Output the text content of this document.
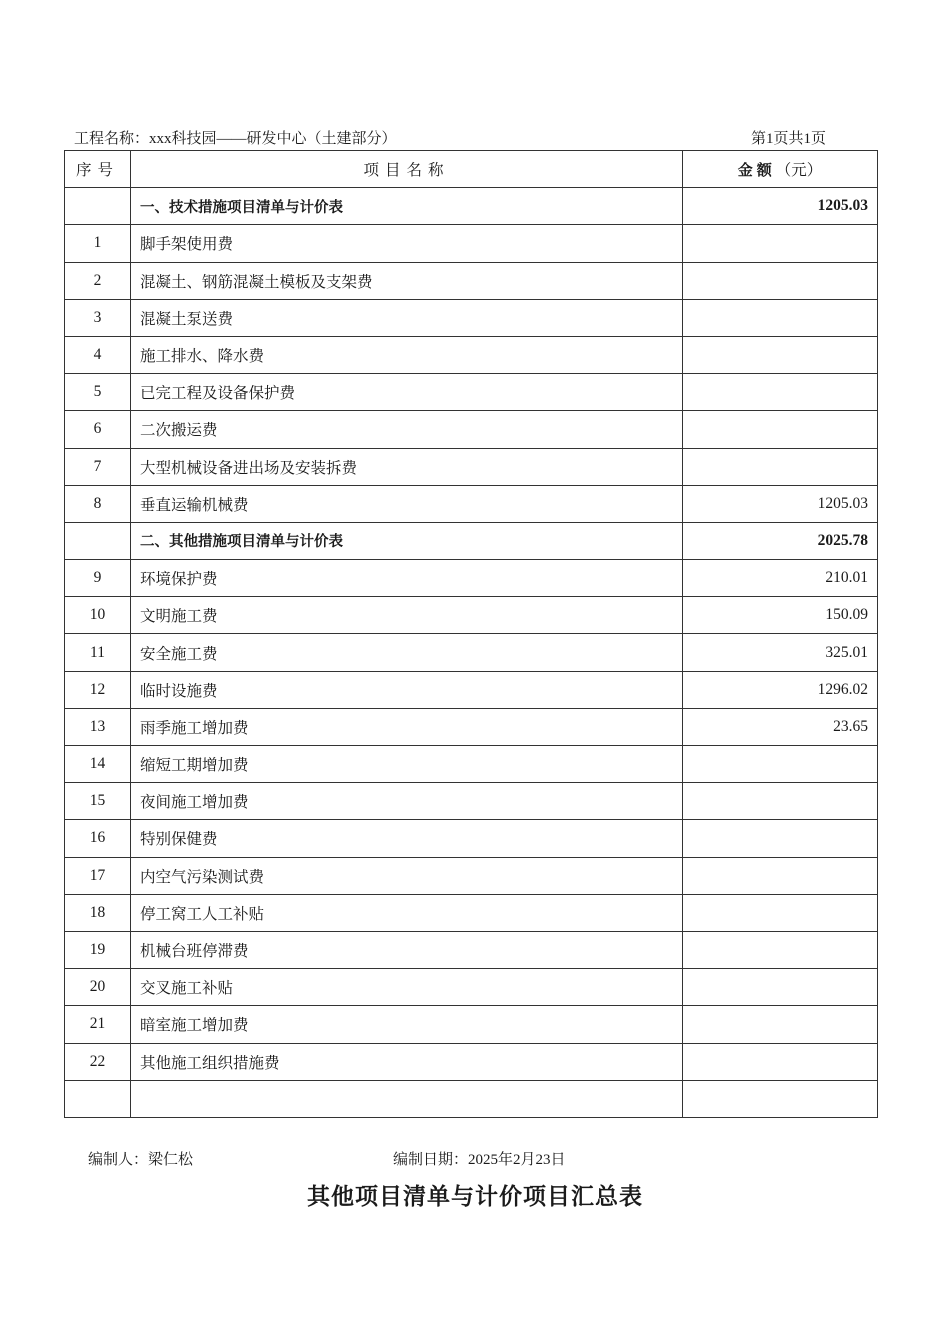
工程名称：xxx科技园——研发中心（土建部分）	第1页共1页
序号	项目名称	金额（元）
	一、技术措施项目清单与计价表	1205.03
1	脚手架使用费	
2	混凝土、钢筋混凝土模板及支架费	
3	混凝土泵送费	
4	施工排水、降水费	
5	已完工程及设备保护费	
6	二次搬运费	
7	大型机械设备进出场及安装拆费	
8	垂直运输机械费	1205.03
	二、其他措施项目清单与计价表	2025.78
9	环境保护费	210.01
10	文明施工费	150.09
11	安全施工费	325.01
12	临时设施费	1296.02
13	雨季施工增加费	23.65
14	缩短工期增加费	
15	夜间施工增加费	
16	特别保健费	
17	内空气污染测试费	
18	停工窝工人工补贴	
19	机械台班停滞费	
20	交叉施工补贴	
21	暗室施工增加费	
22	其他施工组织措施费	

编制人：梁仁松	编制日期：2025年2月23日
其他项目清单与计价项目汇总表
